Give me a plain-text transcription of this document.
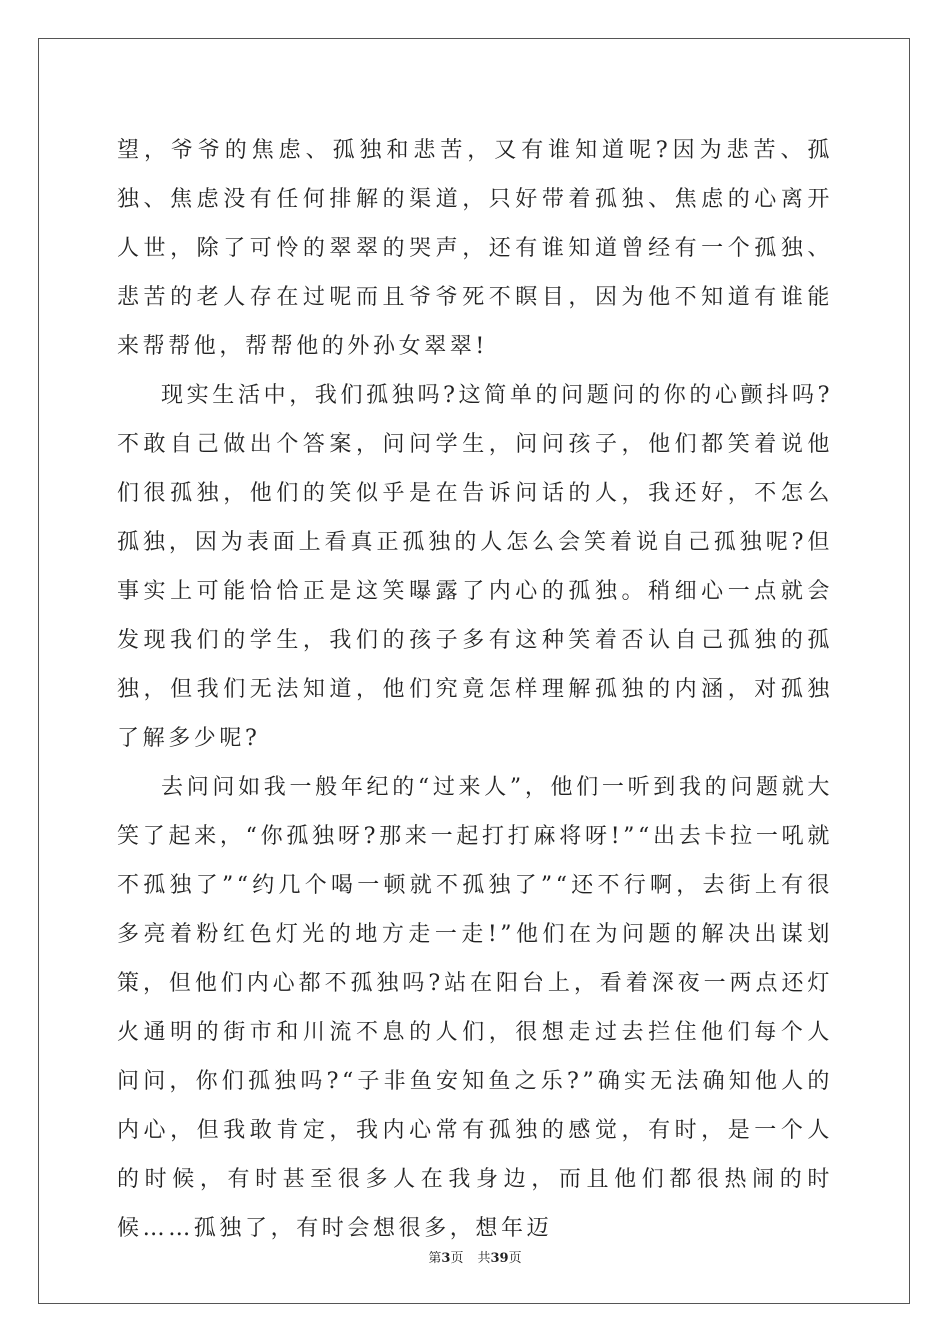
望，爷爷的焦虑、孤独和悲苦，又有谁知道呢?因为悲苦、孤独、焦虑没有任何排解的渠道，只好带着孤独、焦虑的心离开人世，除了可怜的翠翠的哭声，还有谁知道曾经有一个孤独、悲苦的老人存在过呢而且爷爷死不瞑目，因为他不知道有谁能来帮帮他，帮帮他的外孙女翠翠!

现实生活中，我们孤独吗?这简单的问题问的你的心颤抖吗?不敢自己做出个答案，问问学生，问问孩子，他们都笑着说他们很孤独，他们的笑似乎是在告诉问话的人，我还好，不怎么孤独，因为表面上看真正孤独的人怎么会笑着说自己孤独呢?但事实上可能恰恰正是这笑曝露了内心的孤独。稍细心一点就会发现我们的学生，我们的孩子多有这种笑着否认自己孤独的孤独，但我们无法知道，他们究竟怎样理解孤独的内涵，对孤独了解多少呢?

去问问如我一般年纪的“过来人”，他们一听到我的问题就大笑了起来，“你孤独呀?那来一起打打麻将呀!”“出去卡拉一吼就不孤独了”“约几个喝一顿就不孤独了”“还不行啊，去街上有很多亮着粉红色灯光的地方走一走!”他们在为问题的解决出谋划策，但他们内心都不孤独吗?站在阳台上，看着深夜一两点还灯火通明的街市和川流不息的人们，很想走过去拦住他们每个人问问，你们孤独吗?“子非鱼安知鱼之乐?”确实无法确知他人的内心，但我敢肯定，我内心常有孤独的感觉，有时，是一个人的时候，有时甚至很多人在我身边，而且他们都很热闹的时候……孤独了，有时会想很多，想年迈

第3页 共39页
